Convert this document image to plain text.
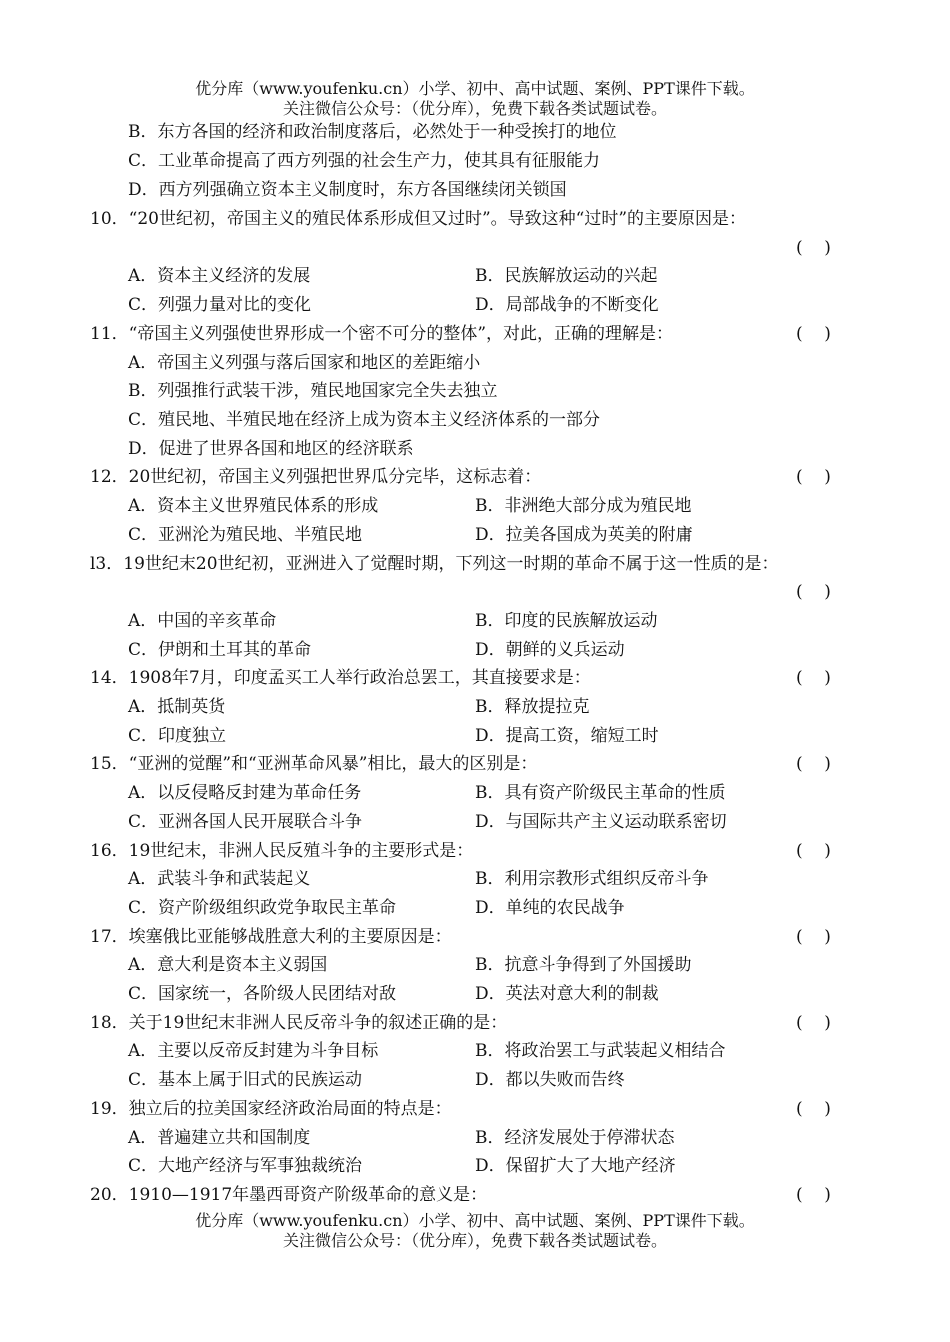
优分库（www.youfenku.cn）小学、初中、高中试题、案例、PPT课件下载。
关注微信公众号：（优分库），免费下载各类试题试卷。
B．东方各国的经济和政治制度落后，必然处于一种受挨打的地位
C．工业革命提高了西方列强的社会生产力，使其具有征服能力
D．西方列强确立资本主义制度时，东方各国继续闭关锁国
10．“20世纪初，帝国主义的殖民体系形成但又过时”。导致这种“过时”的主要原因是：
(    )
A．资本主义经济的发展	B．民族解放运动的兴起
C．列强力量对比的变化	D．局部战争的不断变化
11．“帝国主义列强使世界形成一个密不可分的整体”，对此，正确的理解是：	(    )
A．帝国主义列强与落后国家和地区的差距缩小
B．列强推行武装干涉，殖民地国家完全失去独立
C．殖民地、半殖民地在经济上成为资本主义经济体系的一部分
D．促进了世界各国和地区的经济联系
12．20世纪初，帝国主义列强把世界瓜分完毕，这标志着：	(    )
A．资本主义世界殖民体系的形成	B．非洲绝大部分成为殖民地
C．亚洲沦为殖民地、半殖民地	D．拉美各国成为英美的附庸
l3．19世纪末20世纪初，亚洲进入了觉醒时期，下列这一时期的革命不属于这一性质的是：
(    )
A．中国的辛亥革命	B．印度的民族解放运动
C．伊朗和土耳其的革命	D．朝鲜的义兵运动
14．1908年7月，印度孟买工人举行政治总罢工，其直接要求是：	(    )
A．抵制英货	B．释放提拉克
C．印度独立	D．提高工资，缩短工时
15．“亚洲的觉醒”和“亚洲革命风暴”相比，最大的区别是：	(    )
A．以反侵略反封建为革命任务	B．具有资产阶级民主革命的性质
C．亚洲各国人民开展联合斗争	D．与国际共产主义运动联系密切
16．19世纪末，非洲人民反殖斗争的主要形式是：	(    )
A．武装斗争和武装起义	B．利用宗教形式组织反帝斗争
C．资产阶级组织政党争取民主革命	D．单纯的农民战争
17．埃塞俄比亚能够战胜意大利的主要原因是：	(    )
A．意大利是资本主义弱国	B．抗意斗争得到了外国援助
C．国家统一，各阶级人民团结对敌	D．英法对意大利的制裁
18．关于19世纪末非洲人民反帝斗争的叙述正确的是：	(    )
A．主要以反帝反封建为斗争目标	B．将政治罢工与武装起义相结合
C．基本上属于旧式的民族运动	D．都以失败而告终
19．独立后的拉美国家经济政治局面的特点是：	(    )
A．普遍建立共和国制度	B．经济发展处于停滞状态
C．大地产经济与军事独裁统治	D．保留扩大了大地产经济
20．1910—1917年墨西哥资产阶级革命的意义是：	(    )
优分库（www.youfenku.cn）小学、初中、高中试题、案例、PPT课件下载。
关注微信公众号：（优分库），免费下载各类试题试卷。
